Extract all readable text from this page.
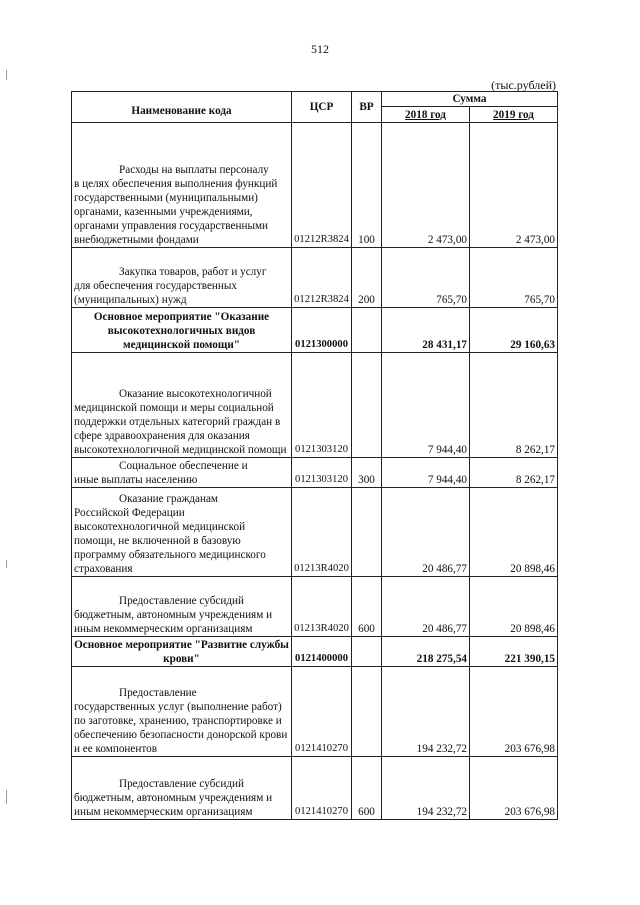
512
(тыс.рублей)
Наименование кода	ЦСР	ВР	Сумма	
			2018 год	2019 год

Расходы на выплаты персоналу
в целях обеспечения выполнения функций государственными (муниципальными) органами, казенными учреждениями, органами управления государственными внебюджетными фондами	01212R3824	100	2 473,00	2 473,00

Закупка товаров, работ и услуг
для обеспечения государственных (муниципальных) нужд	01212R3824	200	765,70	765,70
Основное мероприятие "Оказание высокотехнологичных видов медицинской помощи"	0121300000		28 431,17	29 160,63

Оказание высокотехнологичной
медицинской помощи и меры социальной поддержки отдельных категорий граждан в сфере здравоохранения для оказания высокотехнологичной медицинской помощи	0121303120		7 944,40	8 262,17

Социальное обеспечение и
иные выплаты населению	0121303120	300	7 944,40	8 262,17

Оказание гражданам
Российской Федерации высокотехнологичной медицинской помощи, не включенной в базовую программу обязательного медицинского страхования	01213R4020		20 486,77	20 898,46

Предоставление субсидий
бюджетным, автономным учреждениям и иным некоммерческим организациям	01213R4020	600	20 486,77	20 898,46
Основное мероприятие "Развитие службы крови"	0121400000		218 275,54	221 390,15

Предоставление
государственных услуг (выполнение работ) по заготовке, хранению, транспортировке и обеспечению безопасности донорской крови и ее компонентов	0121410270		194 232,72	203 676,98

Предоставление субсидий
бюджетным, автономным учреждениям и иным некоммерческим организациям	0121410270	600	194 232,72	203 676,98
